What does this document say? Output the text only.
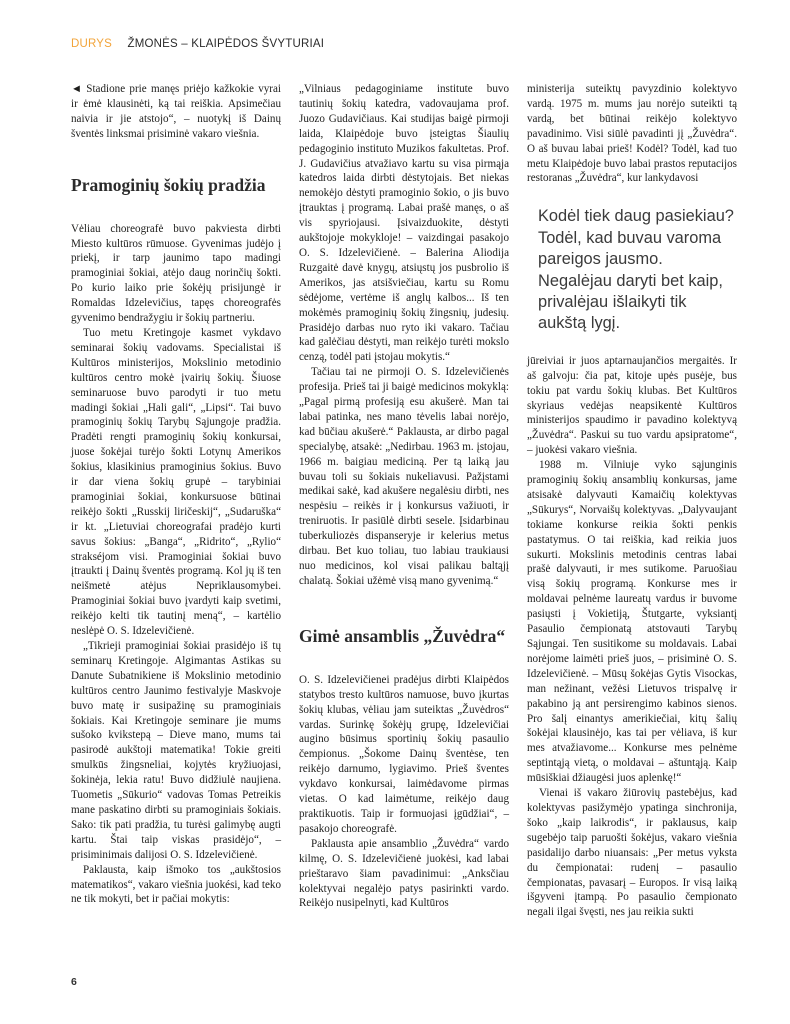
DURYS ŽMONĖS – KLAIPĖDOS ŠVYTURIAI

◄ Stadione prie manęs priėjo kažkokie vyrai ir ėmė klausinėti, ką tai reiškia. Apsimečiau naivia ir jie atstojo“, – nuotykį iš Dainų šventės linksmai prisiminė vakaro viešnia.

Pramoginių šokių pradžia

Vėliau choreografė buvo pakviesta dirbti Miesto kultūros rūmuose. Gyvenimas judėjo į priekį, ir tarp jaunimo tapo madingi pramoginiai šokiai, atėjo daug norinčių šokti. Po kurio laiko prie šokėjų prisijungė ir Romaldas Idzelevičius, tapęs choreografės gyvenimo bendražygiu ir šokių partneriu.

Tuo metu Kretingoje kasmet vykdavo seminarai šokių vadovams. Specialistai iš Kultūros ministerijos, Mokslinio metodinio kultūros centro mokė įvairių šokių. Šiuose seminaruose buvo parodyti ir tuo metu madingi šokiai „Hali gali“, „Lipsi“. Tai buvo pramoginių šokių Tarybų Sąjungoje pradžia. Pradėti rengti pramoginių šokių konkursai, juose šokėjai turėjo šokti Lotynų Amerikos šokius, klasikinius pramoginius šokius. Buvo ir dar viena šokių grupė – tarybiniai pramoginiai šokiai, konkursuose būtinai reikėjo šokti „Russkij liričeskij“, „Sudaruška“ ir kt. „Lietuviai choreografai pradėjo kurti savus šokius: „Banga“, „Ridrito“, „Rylio“ strakséjom visi. Pramoginiai šokiai buvo įtraukti į Dainų šventės programą. Kol jų iš ten neišmetė atėjus Nepriklausomybei. Pramoginiai šokiai buvo įvardyti kaip svetimi, reikėjo kelti tik tautinį meną“, – kartėlio neslėpė O. S. Idzelevičienė.

„Tikrieji pramoginiai šokiai prasidėjo iš tų seminarų Kretingoje. Algimantas Astikas su Danute Subatnikiene iš Mokslinio metodinio kultūros centro Jaunimo festivalyje Maskvoje buvo matę ir susipažinę su pramoginiais šokiais. Kai Kretingoje seminare jie mums sušoko kvikstepą – Dieve mano, mums tai pasirodė aukštoji matematika! Tokie greiti smulkūs žingsneliai, kojytės kryžiuojasi, šokinėja, lekia ratu! Buvo didžiulė naujiena. Tuometis „Sūkurio“ vadovas Tomas Petreikis mane paskatino dirbti su pramoginiais šokiais. Sako: tik pati pradžia, tu turėsi galimybę augti kartu. Štai taip viskas prasidėjo“, – prisiminimais dalijosi O. S. Idzelevičienė.

Paklausta, kaip išmoko tos „aukštosios matematikos“, vakaro viešnia juokési, kad teko ne tik mokyti, bet ir pačiai mokytis:

„Vilniaus pedagoginiame institute buvo tautinių šokių katedra, vadovaujama prof. Juozo Gudavičiaus. Kai studijas baigė pirmoji laida, Klaipėdoje buvo įsteigtas Šiaulių pedagoginio instituto Muzikos fakultetas. Prof. J. Gudavičius atvažiavo kartu su visa pirmąja katedros laida dirbti dėstytojais. Bet niekas nemokėjo dėstyti pramoginio šokio, o jis buvo įtrauktas į programą. Labai prašė manęs, o aš vis spyriojausi. Įsivaizduokite, dėstyti aukštojoje mokykloje! – vaizdingai pasakojo O. S. Idzelevičienė. – Balerina Aliodija Ruzgaitė davė knygų, atsiųstų jos pusbrolio iš Amerikos, jas atsišviečiau, kartu su Romu sėdėjome, vertėme iš anglų kalbos... Iš ten mokėmės pramoginių šokių žingsnių, judesių. Prasidėjo darbas nuo ryto iki vakaro. Tačiau kad galėčiau dėstyti, man reikėjo turėti mokslo cenzą, todėl pati įstojau mokytis.“

Tačiau tai ne pirmoji O. S. Idzelevičienės profesija. Prieš tai ji baigė medicinos mokyklą: „Pagal pirmą profesiją esu akušerė. Man tai labai patinka, nes mano tėvelis labai norėjo, kad būčiau akušerė.“ Paklausta, ar dirbo pagal specialybę, atsakė: „Nedirbau. 1963 m. įstojau, 1966 m. baigiau mediciną. Per tą laiką jau buvau toli su šokiais nukeliavusi. Pažįstami medikai sakė, kad akušere negalėsiu dirbti, nes nespėsiu – reikės ir į konkursus važiuoti, ir treniruotis. Ir pasiūlė dirbti sesele. Įsidarbinau tuberkuliozės dispanseryje ir kelerius metus dirbau. Bet kuo toliau, tuo labiau traukiausi nuo medicinos, kol visai palikau baltąjį chalatą. Šokiai užėmė visą mano gyvenimą.“

Gimė ansamblis „Žuvėdra“

O. S. Idzelevičienei pradėjus dirbti Klaipėdos statybos tresto kultūros namuose, buvo įkurtas šokių klubas, vėliau jam suteiktas „Žuvėdros“ vardas. Surinkę šokėjų grupę, Idzelevičiai augino būsimus sportinių šokių pasaulio čempionus. „Šokome Dainų šventėse, ten reikėjo darnumo, lygiavimo. Prieš šventes vykdavo konkursai, laimėdavome pirmas vietas. O kad laimėtume, reikėjo daug praktikuotis. Taip ir formuojasi įgūdžiai“, – pasakojo choreografė.

Paklausta apie ansamblio „Žuvėdra“ vardo kilmę, O. S. Idzelevičienė juokėsi, kad labai prieštaravo šiam pavadinimui: „Anksčiau kolektyvai negalėjo patys pasirinkti vardo. Reikėjo nusipelnyti, kad Kultūros

ministerija suteiktų pavyzdinio kolektyvo vardą. 1975 m. mums jau norėjo suteikti tą vardą, bet būtinai reikėjo kolektyvo pavadinimo. Visi siūlė pavadinti jį „Žuvėdra“. O aš buvau labai prieš! Kodėl? Todėl, kad tuo metu Klaipėdoje buvo labai prastos reputacijos restoranas „Žuvėdra“, kur lankydavosi

Kodėl tiek daug pasiekiau? Todėl, kad buvau varoma pareigos jausmo. Negalėjau daryti bet kaip, privalėjau išlaikyti tik aukštą lygį.

jūreiviai ir juos aptarnaujančios mergaitės. Ir aš galvoju: čia pat, kitoje upės pusėje, bus tokiu pat vardu šokių klubas. Bet Kultūros skyriaus vedėjas neapsikentė Kultūros ministerijos spaudimo ir pavadino kolektyvą „Žuvėdra“. Paskui su tuo vardu apsipratome“, – juokėsi vakaro viešnia.

1988 m. Vilniuje vyko sąjunginis pramoginių šokių ansamblių konkursas, jame atsisakė dalyvauti Kamaičių kolektyvas „Sūkurys“, Norvaišų kolektyvas. „Dalyvaujant tokiame konkurse reikia šokti penkis pastatymus. O tai reiškia, kad reikia juos sukurti. Mokslinis metodinis centras labai prašė dalyvauti, ir mes sutikome. Paruošiau visą šokių programą. Konkurse mes ir moldavai pelnėme laureatų vardus ir buvome pasiųsti į Vokietiją, Štutgarte, vyksiantį Pasaulio čempionatą atstovauti Tarybų Sąjungai. Ten susitikome su moldavais. Labai norėjome laimėti prieš juos, – prisiminė O. S. Idzelevičienė. – Mūsų šokėjas Gytis Visockas, man nežinant, vežėsi Lietuvos trispalvę ir pakabino ją ant persirengimo kabinos sienos. Pro šalį einantys amerikiečiai, kitų šalių šokėjai klausinėjo, kas tai per vėliava, iš kur mes atvažiavome... Konkurse mes pelnėme septintąją vietą, o moldavai – aštuntąją. Kaip mūsiškiai džiaugėsi juos aplenkę!“

Vienai iš vakaro žiūrovių pastebėjus, kad kolektyvas pasižymėjo ypatinga sinchronija, šoko „kaip laikrodis“, ir paklausus, kaip sugebėjo taip paruošti šokėjus, vakaro viešnia pasidalijo darbo niuansais: „Per metus vyksta du čempionatai: rudenį – pasaulio čempionatas, pavasarį – Europos. Ir visą laiką išgyveni įtampą. Po pasaulio čempionato negali ilgai švęsti, nes jau reikia sukti

6
